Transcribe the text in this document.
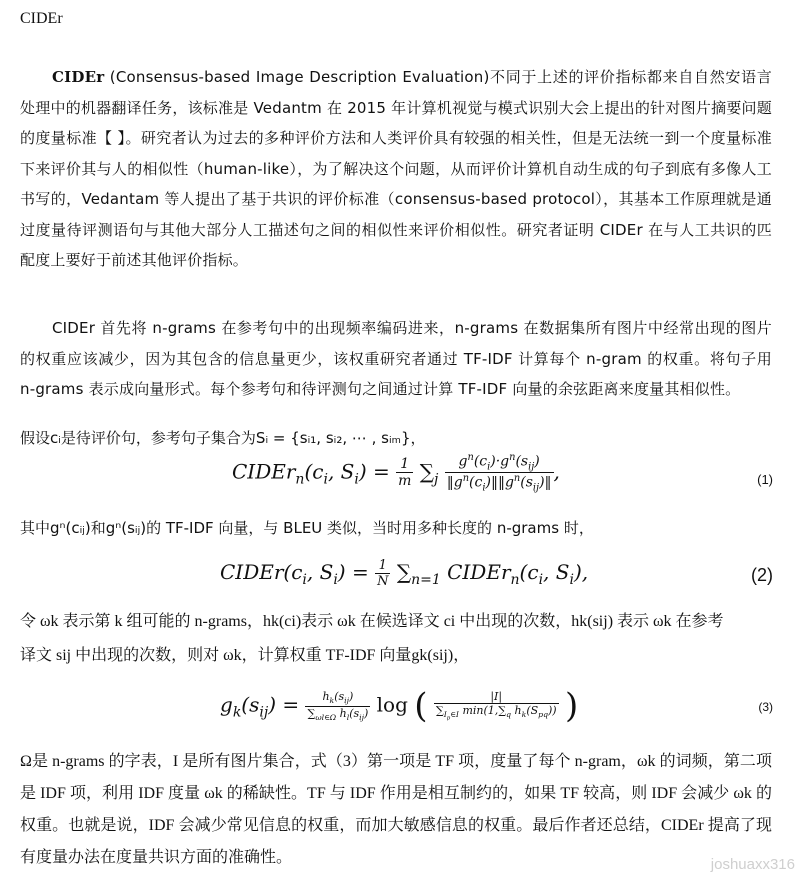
CIDEr
CIDEr (Consensus-based Image Description Evaluation)不同于上述的评价指标都来自自然安语言处理中的机器翻译任务，该标准是 Vedantm 在 2015 年计算机视觉与模式识别大会上提出的针对图片摘要问题的度量标准【 】。研究者认为过去的多种评价方法和人类评价具有较强的相关性，但是无法统一到一个度量标准下来评价其与人的相似性（human-like），为了解决这个问题，从而评价计算机自动生成的句子到底有多像人工书写的，Vedantam 等人提出了基于共识的评价标准（consensus-based protocol），其基本工作原理就是通过度量待评测语句与其他大部分人工描述句之间的相似性来评价相似性。研究者证明 CIDEr 在与人工共识的匹配度上要好于前述其他评价指标。
CIDEr 首先将 n-grams 在参考句中的出现频率编码进来，n-grams 在数据集所有图片中经常出现的图片的权重应该减少，因为其包含的信息量更少，该权重研究者通过 TF-IDF 计算每个 n-gram 的权重。将句子用 n-grams 表示成向量形式。每个参考句和待评测句之间通过计算 TF-IDF 向量的余弦距离来度量其相似性。
假设cᵢ是待评价句，参考句子集合为Sᵢ = {sᵢ₁, sᵢ₂, ⋯ , sᵢₘ}，
$CIDEr_n(c_i$, $S_i) = \frac{1}{m} \sum_j \frac{g^n(c_i)\cdot g^n(s_{ij})}{‖g^n(c_i)‖‖g^n(s_{ij})‖}$ ,	(1)
其中gⁿ(cᵢⱼ)和gⁿ(sᵢⱼ)的 TF-IDF 向量，与 BLEU 类似，当时用多种长度的 n-grams 时，
$CIDEr(c_i$, $S_i) = \frac{1}{N} \sum_{n=1}$ $CIDEr_n(c_i$, $S_i$),	(2)
令 ωk 表示第 k 组可能的 n-grams，hk(ci)表示 ωk 在候选译文 ci 中出现的次数，hk(sij) 表示 ωk 在参考
译文 sij 中出现的次数，则对 ωk，计算权重 TF-IDF 向量gk(sij)，
$g_k(s_{ij}) = \frac{h_k(s_{ij})}{\sum_{\omega l\in\Omega} h_l(s_{ij})}$ log ( $\frac{|I|}{\sum_{I_p\in I} \min(1,\sum_q h_k(S_{pq}))}$ )	(3)
Ω是 n-grams 的字表，I 是所有图片集合，式（3）第一项是 TF 项，度量了每个 n-gram，ωk 的词频，第二项是 IDF 项，利用 IDF 度量 ωk 的稀缺性。TF 与 IDF 作用是相互制约的，如果 TF 较高，则 IDF 会减少 ωk 的权重。也就是说，IDF 会减少常见信息的权重，而加大敏感信息的权重。最后作者还总结，CIDEr 提高了现有度量办法在度量共识方面的准确性。	joshuaxx316
